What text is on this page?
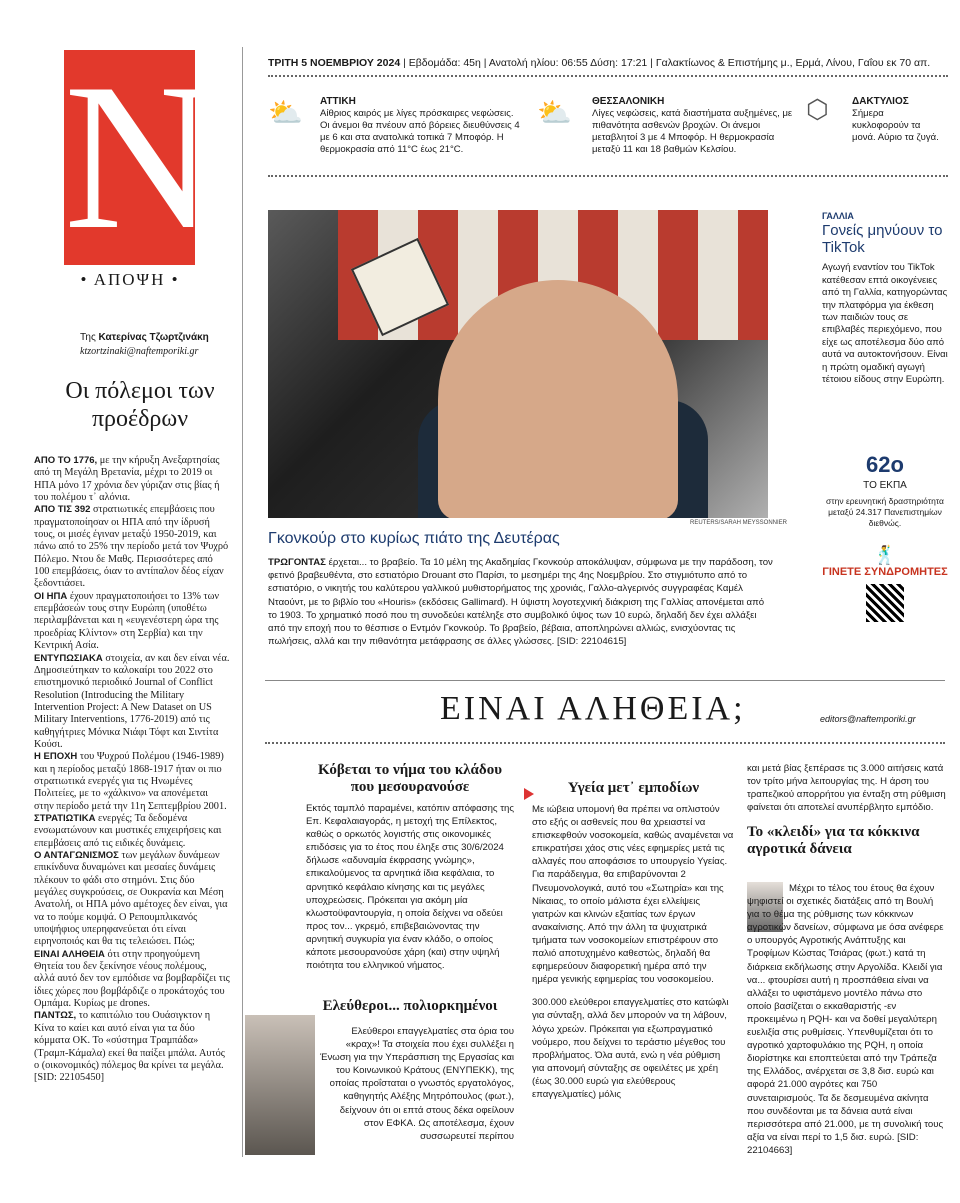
N
• ΑΠΟΨΗ •
Της Κατερίνας Τζωρτζινάκη
ktzortzinaki@naftemporiki.gr
Οι πόλεμοι των προέδρων

ΑΠΟ ΤΟ 1776, με την κήρυξη Ανεξαρτησίας από τη Μεγάλη Βρετανία, μέχρι το 2019 οι ΗΠΑ μόνο 17 χρόνια δεν γύριζαν στις βίας ή του πολέμου τ᾽ αλόνια.

ΑΠΟ ΤΙΣ 392 στρατιωτικές επεμβάσεις που πραγματοποίησαν οι ΗΠΑ από την ίδρυσή τους, οι μισές έγιναν μεταξύ 1950-2019, και πάνω από το 25% την περίοδο μετά τον Ψυχρό Πόλεμο. Ντου δε Μαθς. Περισσότερες από 100 επεμβάσεις, όιαν το αντίπαλον δέος είχαν ξεδοντιάσει.

ΟΙ ΗΠΑ έχουν πραγματοποιήσει το 13% των επεμβάσεών τους στην Ευρώπη (υποθέτω περιλαμβάνεται και η «ευγενέστερη ώρα της προεδρίας Κλίντον» στη Σερβία) και την Κεντρική Ασία.

ΕΝΤΥΠΩΣΙΑΚΑ στοιχεία, αν και δεν είναι νέα. Δημοσιεύτηκαν το καλοκαίρι του 2022 στο επιστημονικό περιοδικό Journal of Conflict Resolution (Introducing the Military Intervention Project: A New Dataset on US Military Interventions, 1776-2019) από τις καθηγήτριες Μόνικα Νιάφι Τόφτ και Σιντίτα Κούσι.

Η ΕΠΟΧΗ του Ψυχρού Πολέμου (1946-1989) και η περίοδος μεταξύ 1868-1917 ήταν οι πιο στρατιωτικά ενεργές για τις Ηνωμένες Πολιτείες, με το «χάλκινο» να απονέμεται στην περίοδο μετά την 11η Σεπτεμβρίου 2001.

ΣΤΡΑΤΙΩΤΙΚΑ ενεργές; Τα δεδομένα ενσωματώνουν και μυστικές επιχειρήσεις και επεμβάσεις από τις ειδικές δυνάμεις.

Ο ΑΝΤΑΓΩΝΙΣΜΟΣ των μεγάλων δυνάμεων επικίνδυνα δυναμώνει και μεσαίες δυνάμεις πλέκουν το φάδι στο στημόνι. Στις δύο μεγάλες συγκρούσεις, σε Ουκρανία και Μέση Ανατολή, οι ΗΠΑ μόνο αμέτοχες δεν είναι, για να το πούμε κομψά. Ο Ρεπουμπλικανός υποψήφιος υπερηφανεύεται ότι είναι ειρηνοποιός και θα τις τελειώσει. Πώς;

ΕΙΝΑΙ ΑΛΗΘΕΙΑ ότι στην προηγούμενη Θητεία του δεν ξεκίνησε νέους πολέμους, αλλά αυτό δεν τον εμπόδισε να βομβαρδίζει τις ίδιες χώρες που βομβάρδιζε ο προκάτοχός του Ομπάμα. Κυρίως με drones.

ΠΑΝΤΩΣ, το καπιτώλιο του Ουάσιγκτον η Κίνα το καίει και αυτό είναι για τα δύο κόμματα ΟΚ. Το «σύστημα Τραμπάδα» (Τραμπ-Κάμαλα) εκεί θα παίξει μπάλα. Αυτός ο (οικονομικός) πόλεμος θα κρίνει τα μεγάλα. [SID: 22105450]

ΤΡΙΤΗ 5 ΝΟΕΜΒΡΙΟΥ 2024 | Εβδομάδα: 45η | Ανατολή ηλίου: 06:55 Δύση: 17:21 | Γαλακτίωνος & Επιστήμης μ., Ερμά, Λίνου, Γαΐου εκ 70 απ.
⛅ ΑΤΤΙΚΗ
Αίθριος καιρός με λίγες πρόσκαιρες νεφώσεις. Οι άνεμοι θα πνέουν από βόρειες διευθύνσεις 4 με 6 και στα ανατολικά τοπικά 7 Μποφόρ. Η θερμοκρασία από 11°C έως 21°C.
⛅ ΘΕΣΣΑΛΟΝΙΚΗ
Λίγες νεφώσεις, κατά διαστήματα αυξημένες, με πιθανότητα ασθενών βροχών. Οι άνεμοι μεταβλητοί 3 με 4 Μποφόρ. Η θερμοκρασία μεταξύ 11 και 18 βαθμών Κελσίου.
⬡ ΔΑΚΤΥΛΙΟΣ
Σήμερα κυκλοφορούν τα μονά. Αύριο τα ζυγά.
REUTERS/SARAH MEYSSONNIER
Γκονκούρ στο κυρίως πιάτο της Δευτέρας
ΤΡΩΓΟΝΤΑΣ έρχεται... το βραβείο. Τα 10 μέλη της Ακαδημίας Γκονκούρ αποκάλυψαν, σύμφωνα με την παράδοση, τον φετινό βραβευθέντα, στο εστιατόριο Drouant στο Παρίσι, το μεσημέρι της 4ης Νοεμβρίου. Στο στιγμιότυπο από το εστιατόριο, ο νικητής του καλύτερου γαλλικού μυθιστορήματος της χρονιάς, Γαλλο-αλγερινός συγγραφέας Καμέλ Νταούντ, με το βιβλίο του «Houris» (εκδόσεις Gallimard). Η ύψιστη λογοτεχνική διάκριση της Γαλλίας απονέμεται από το 1903. Το χρηματικό ποσό που τη συνοδεύει κατέληξε στο συμβολικό ύψος των 10 ευρώ, δηλαδή δεν έχει αλλάξει από την εποχή που το θέσπισε ο Εντμόν Γκονκούρ. Το βραβείο, βέβαια, αποπληρώνει αλλιώς, ενισχύοντας τις πωλήσεις, αλλά και την πιθανότητα μετάφρασης σε άλλες γλώσσες. [SID: 22104615]
ΓΑΛΛΙΑ
Γονείς μηνύουν το TikTok
Αγωγή εναντίον του TikTok κατέθεσαν επτά οικογένειες από τη Γαλλία, κατηγορώντας την πλατφόρμα για έκθεση των παιδιών τους σε επιβλαβές περιεχόμενο, που είχε ως αποτέλεσμα δύο από αυτά να αυτοκτονήσουν. Είναι η πρώτη ομαδική αγωγή τέτοιου είδους στην Ευρώπη.
62ο
ΤΟ ΕΚΠΑ
στην ερευνητική δραστηριότητα μεταξύ 24.317 Πανεπιστημίων διεθνώς.
🕺
ΓΙΝΕΤΕ ΣΥΝΔΡΟΜΗΤΕΣ
ΕΙΝΑΙ ΑΛΗΘΕΙΑ;	editors@naftemporiki.gr
Κόβεται το νήμα του κλάδου που μεσουρανούσε

Εκτός ταμπλό παραμένει, κατόπιν απόφασης της Επ. Κεφαλαιαγοράς, η μετοχή της Επίλεκτος, καθώς ο ορκωτός λογιστής στις οικονομικές επιδόσεις για το έτος που έληξε στις 30/6/2024 δήλωσε «αδυναμία έκφρασης γνώμης», επικαλούμενος τα αρνητικά ίδια κεφάλαια, το αρνητικό κεφάλαιο κίνησης και τις μεγάλες υποχρεώσεις. Πρόκειται για ακόμη μία κλωστοϋφαντουργία, η οποία δείχνει να οδεύει προς τον... γκρεμό, επιβεβαιώνοντας την αρνητική συγκυρία για έναν κλάδο, ο οποίος κάποτε μεσουρανούσε χάρη (και) στην υψηλή ποιότητα του ελληνικού νήματος.

Ελεύθεροι... πολιορκημένοι

Ελεύθεροι επαγγελματίες στα όρια του «κραχ»! Τα στοιχεία που έχει συλλέξει η Ένωση για την Υπεράσπιση της Εργασίας και του Κοινωνικού Κράτους (ΕΝΥΠΕΚΚ), της οποίας προΐσταται ο γνωστός εργατολόγος, καθηγητής Αλέξης Μητρόπουλος (φωτ.), δείχνουν ότι οι επτά στους δέκα οφείλουν στον ΕΦΚΑ. Ως αποτέλεσμα, έχουν συσσωρευτεί περίπου

Υγεία μετ᾽ εμποδίων

Με ιώβεια υπομονή θα πρέπει να οπλιστούν στο εξής οι ασθενείς που θα χρειαστεί να επισκεφθούν νοσοκομεία, καθώς αναμένεται να επικρατήσει χάος στις νέες εφημερίες μετά τις αλλαγές που αποφάσισε το υπουργείο Υγείας. Για παράδειγμα, θα επιβαρύνονται 2 Πνευμονολογικά, αυτό του «Σωτηρία» και της Νίκαιας, το οποίο μάλιστα έχει ελλείψεις γιατρών και κλινών εξαιτίας των έργων ανακαίνισης. Από την άλλη τα ψυχιατρικά τμήματα των νοσοκομείων επιστρέφουν στο παλιό αποτυχημένο καθεστώς, δηλαδή θα εφημερεύουν διαφορετική ημέρα από την ημέρα γενικής εφημερίας του νοσοκομείου.

300.000 ελεύθεροι επαγγελματίες στο κατώφλι για σύνταξη, αλλά δεν μπορούν να τη λάβουν, λόγω χρεών. Πρόκειται για εξωπραγματικό νούμερο, που δείχνει το τεράστιο μέγεθος του προβλήματος. Όλα αυτά, ενώ η νέα ρύθμιση για απονομή σύνταξης σε οφειλέτες με χρέη (έως 30.000 ευρώ για ελεύθερους επαγγελματίες) μόλις

και μετά βίας ξεπέρασε τις 3.000 αιτήσεις κατά τον τρίτο μήνα λειτουργίας της. Η άρση του τραπεζικού απορρήτου για ένταξη στη ρύθμιση φαίνεται ότι αποτελεί ανυπέρβλητο εμπόδιο.

Το «κλειδί» για τα κόκκινα αγροτικά δάνεια

Μέχρι το τέλος του έτους θα έχουν ψηφιστεί οι σχετικές διατάξεις από τη Βουλή για το θέμα της ρύθμισης των κόκκινων αγροτικών δανείων, σύμφωνα με όσα ανέφερε ο υπουργός Αγροτικής Ανάπτυξης και Τροφίμων Κώστας Τσιάρας (φωτ.) κατά τη διάρκεια εκδήλωσης στην Αργολίδα. Κλειδί για να... φτουρίσει αυτή η προσπάθεια είναι να αλλάξει το υφιστάμενο μοντέλο πάνω στο οποίο βασίζεται ο εκκαθαριστής -εν προκειμένω η PQH- και να δοθεί μεγαλύτερη ευελιξία στις ρυθμίσεις. Υπενθυμίζεται ότι το αγροτικό χαρτοφυλάκιο της PQH, η οποία διορίστηκε και εποπτεύεται από την Τράπεζα της Ελλάδος, ανέρχεται σε 3,8 δισ. ευρώ και αφορά 21.000 αγρότες και 750 συνεταιρισμούς. Τα δε δεσμευμένα ακίνητα που συνδέονται με τα δάνεια αυτά είναι περισσότερα από 21.000, με τη συνολική τους αξία να είναι περί το 1,5 δισ. ευρώ. [SID: 22104663]
